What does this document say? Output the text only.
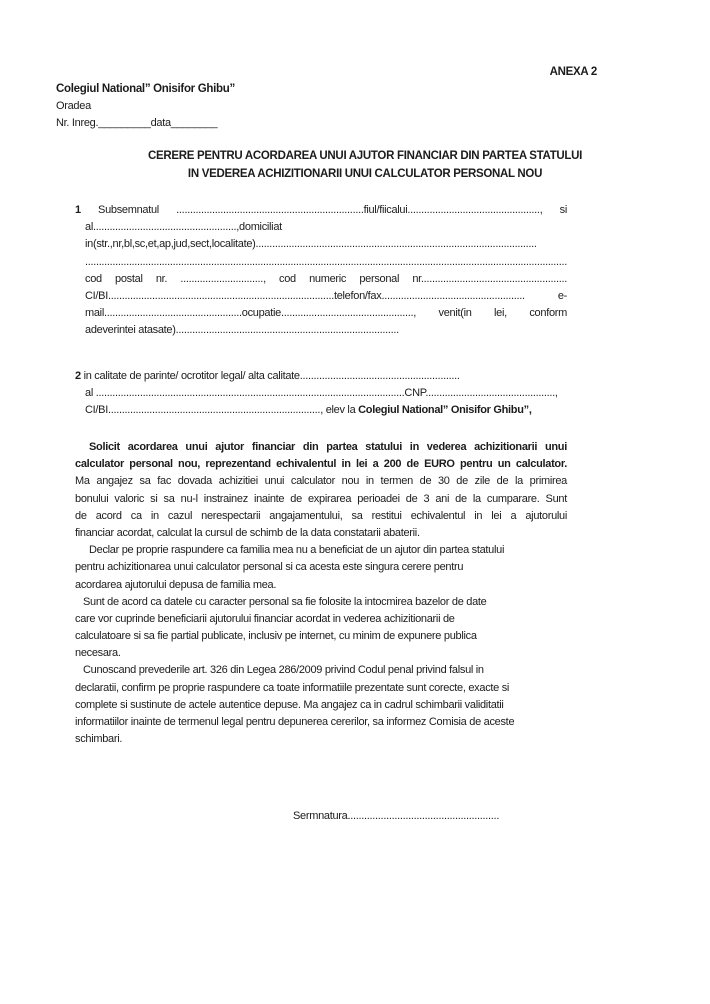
ANEXA 2
Colegiul National” Onisifor Ghibu”
Oradea
Nr. Inreg._________data________
CERERE PENTRU ACORDAREA UNUI AJUTOR FINANCIAR DIN PARTEA STATULUI
IN VEDEREA ACHIZITIONARII UNUI CALCULATOR PERSONAL NOU
1 Subsemnatul ....................................................................fiul/fiicalui................................................, si
al....................................................,domiciliat
in(str.,nr,bl,sc,et,ap,jud,sect,localitate)......................................................................................................
................................................................................................................................................................................
cod postal nr. .............................., cod numeric personal nr.....................................................
CI/BI..................................................................................telefon/fax.................................................... e-
mail..................................................ocupatie................................................, venit(in lei, conform
adeverintei atasate).................................................................................
2 in calitate de parinte/ ocrotitor legal/ alta calitate..........................................................
al ................................................................................................................CNP...............................................,
CI/BI............................................................................., elev la Colegiul National” Onisifor Ghibu”,
Solicit acordarea unui ajutor financiar din partea statului in vederea achizitionarii unui
calculator personal nou, reprezentand echivalentul in lei a 200 de EURO pentru un calculator.
Ma angajez sa fac dovada achizitiei unui calculator nou in termen de 30 de zile de la primirea
bonului valoric si sa nu-l instrainez inainte de expirarea perioadei de 3 ani de la cumparare. Sunt
de acord ca in cazul nerespectarii angajamentului, sa restitui echivalentul in lei a ajutorului
financiar acordat, calculat la cursul de schimb de la data constatarii abaterii.
Declar pe proprie raspundere ca familia mea nu a beneficiat de un ajutor din partea statului
pentru achizitionarea unui calculator personal si ca acesta este singura cerere pentru
acordarea ajutorului depusa de familia mea.
Sunt de acord ca datele cu caracter personal sa fie folosite la intocmirea bazelor de date
care vor cuprinde beneficiarii ajutorului financiar acordat in vederea achizitionarii de
calculatoare si sa fie partial publicate, inclusiv pe internet, cu minim de expunere publica
necesara.
Cunoscand prevederile art. 326 din Legea 286/2009 privind Codul penal privind falsul in
declaratii, confirm pe proprie raspundere ca toate informatiile prezentate sunt corecte, exacte si
complete si sustinute de actele autentice depuse. Ma angajez ca in cadrul schimbarii validitatii
informatiilor inainte de termenul legal pentru depunerea cererilor, sa informez Comisia de aceste
schimbari.
Sermnatura.......................................................
